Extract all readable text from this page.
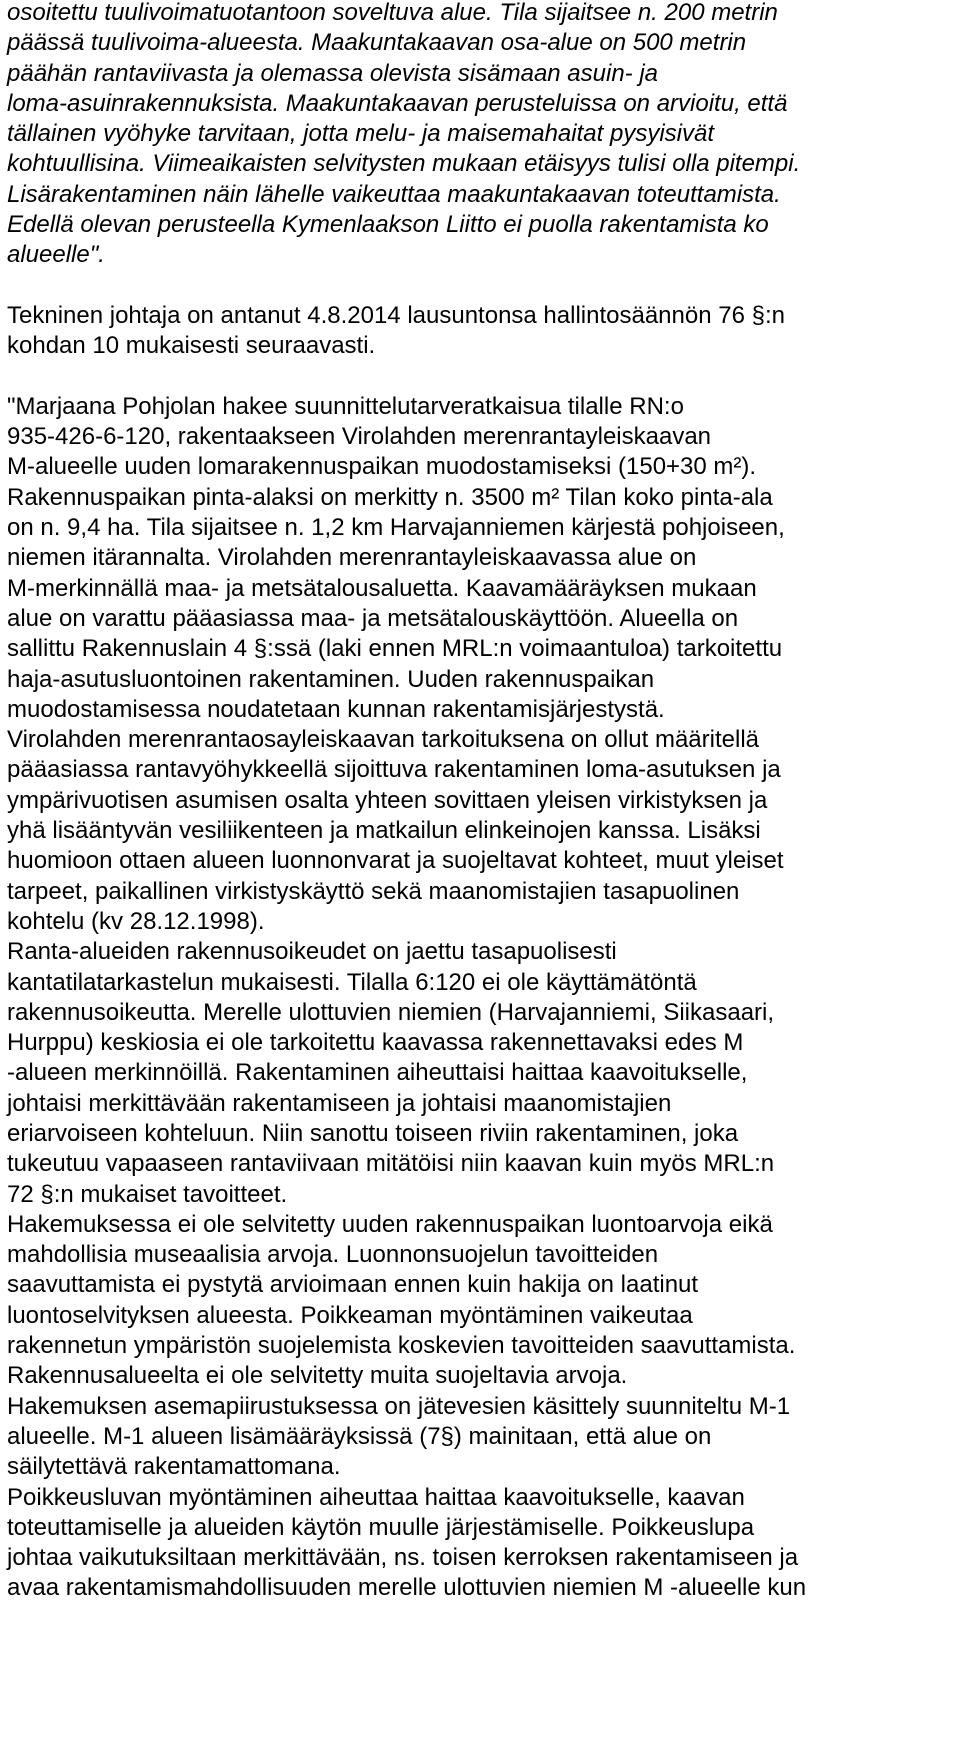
osoitettu tuulivoimatuotantoon soveltuva alue. Tila sijaitsee n. 200 metrin
päässä tuulivoima-alueesta. Maakuntakaavan osa-alue on 500 metrin
päähän rantaviivasta ja olemassa olevista sisämaan asuin- ja
loma-asuinrakennuksista. Maakuntakaavan perusteluissa on arvioitu, että
tällainen vyöhyke tarvitaan, jotta melu- ja maisemahaitat pysyisivät
kohtuullisina. Viimeaikaisten selvitysten mukaan etäisyys tulisi olla pitempi.
Lisärakentaminen näin lähelle vaikeuttaa maakuntakaavan toteuttamista.
Edellä olevan perusteella Kymenlaakson Liitto ei puolla rakentamista ko
alueelle".
Tekninen johtaja on antanut 4.8.2014 lausuntonsa hallintosäännön 76 §:n
kohdan 10 mukaisesti seuraavasti.
"Marjaana Pohjolan hakee suunnittelutarveratkaisua tilalle RN:o
935-426-6-120, rakentaakseen Virolahden merenrantayleiskaavan
M-alueelle uuden lomarakennuspaikan muodostamiseksi (150+30 m²).
Rakennuspaikan pinta-alaksi on merkitty n. 3500 m² Tilan koko pinta-ala
on n. 9,4 ha. Tila sijaitsee n. 1,2 km Harvajanniemen kärjestä pohjoiseen,
niemen itärannalta. Virolahden merenrantayleiskaavassa alue on
M-merkinnällä maa- ja metsätalousaluetta. Kaavamääräyksen mukaan
alue on varattu pääasiassa maa- ja metsätalouskäyttöön. Alueella on
sallittu Rakennuslain 4 §:ssä (laki ennen MRL:n voimaantuloa) tarkoitettu
haja-asutusluontoinen rakentaminen. Uuden rakennuspaikan
muodostamisessa noudatetaan kunnan rakentamisjärjestystä.
Virolahden merenrantaosayleiskaavan tarkoituksena on ollut määritellä
pääasiassa rantavyöhykkeellä sijoittuva rakentaminen loma-asutuksen ja
ympärivuotisen asumisen osalta yhteen sovittaen yleisen virkistyksen ja
yhä lisääntyvän vesiliikenteen ja matkailun elinkeinojen kanssa. Lisäksi
huomioon ottaen alueen luonnonvarat ja suojeltavat kohteet, muut yleiset
tarpeet, paikallinen virkistyskäyttö sekä maanomistajien tasapuolinen
kohtelu (kv 28.12.1998).
Ranta-alueiden rakennusoikeudet on jaettu tasapuolisesti
kantatilatarkastelun mukaisesti. Tilalla 6:120 ei ole käyttämätöntä
rakennusoikeutta. Merelle ulottuvien niemien (Harvajanniemi, Siikasaari,
Hurppu) keskiosia ei ole tarkoitettu kaavassa rakennettavaksi edes M
-alueen merkinnöillä. Rakentaminen aiheuttaisi haittaa kaavoitukselle,
johtaisi merkittävään rakentamiseen ja johtaisi maanomistajien
eriarvoiseen kohteluun. Niin sanottu toiseen riviin rakentaminen, joka
tukeutuu vapaaseen rantaviivaan mitätöisi niin kaavan kuin myös MRL:n
72 §:n mukaiset tavoitteet.
Hakemuksessa ei ole selvitetty uuden rakennuspaikan luontoarvoja eikä
mahdollisia museaalisia arvoja. Luonnonsuojelun tavoitteiden
saavuttamista ei pystytä arvioimaan ennen kuin hakija on laatinut
luontoselvityksen alueesta. Poikkeaman myöntäminen vaikeutaa
rakennetun ympäristön suojelemista koskevien tavoitteiden saavuttamista.
Rakennusalueelta ei ole selvitetty muita suojeltavia arvoja.
Hakemuksen asemapiirustuksessa on jätevesien käsittely suunniteltu M-1
alueelle. M-1 alueen lisämääräyksissä (7§) mainitaan, että alue on
säilytettävä rakentamattomana.
Poikkeusluvan myöntäminen aiheuttaa haittaa kaavoitukselle, kaavan
toteuttamiselle ja alueiden käytön muulle järjestämiselle. Poikkeuslupa
johtaa vaikutuksiltaan merkittävään, ns. toisen kerroksen rakentamiseen ja
avaa rakentamismahdollisuuden merelle ulottuvien niemien M -alueelle kun
